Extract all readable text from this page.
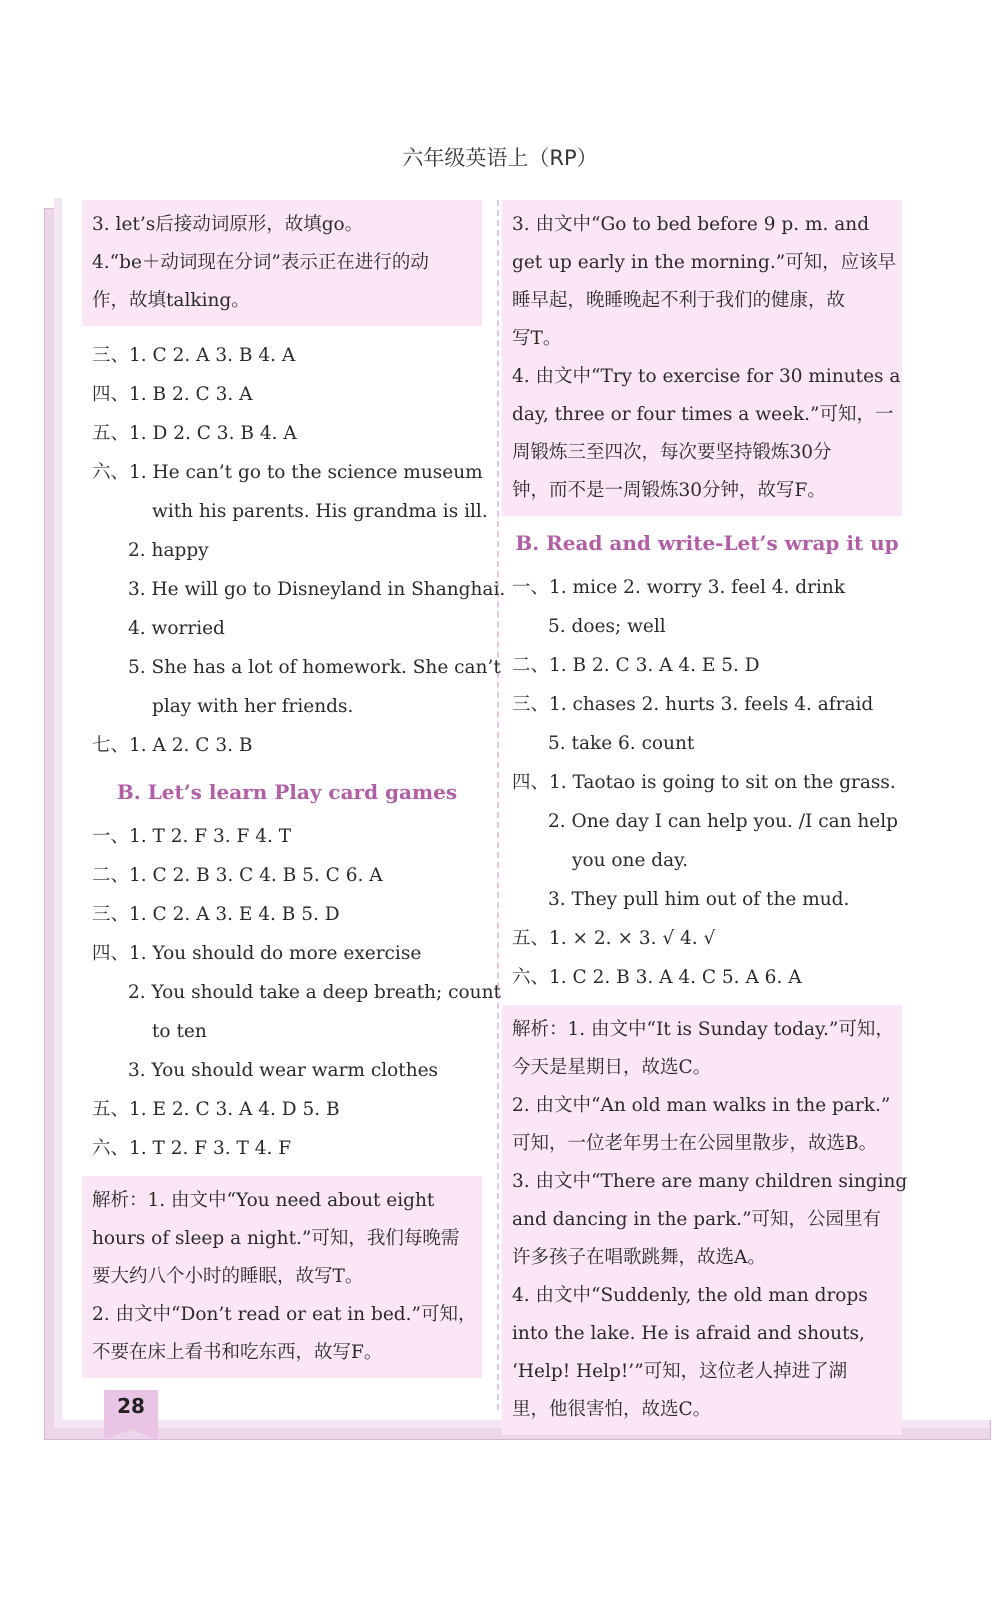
六年级英语上（RP）
3. let’s后接动词原形，故填go。
4.“be＋动词现在分词”表示正在进行的动
作，故填talking。
三、1. C 2. A 3. B 4. A
四、1. B 2. C 3. A
五、1. D 2. C 3. B 4. A
六、1. He can’t go to the science museum
with his parents. His grandma is ill.
2. happy
3. He will go to Disneyland in Shanghai.
4. worried
5. She has a lot of homework. She can’t
play with her friends.
七、1. A 2. C 3. B
B. Let’s learn Play card games
一、1. T 2. F 3. F 4. T
二、1. C 2. B 3. C 4. B 5. C 6. A
三、1. C 2. A 3. E 4. B 5. D
四、1. You should do more exercise
2. You should take a deep breath; count
to ten
3. You should wear warm clothes
五、1. E 2. C 3. A 4. D 5. B
六、1. T 2. F 3. T 4. F
解析：1. 由文中“You need about eight
hours of sleep a night.”可知，我们每晚需
要大约八个小时的睡眠，故写T。
2. 由文中“Don’t read or eat in bed.”可知，
不要在床上看书和吃东西，故写F。
3. 由文中“Go to bed before 9 p. m. and
get up early in the morning.”可知，应该早
睡早起，晚睡晚起不利于我们的健康，故
写T。
4. 由文中“Try to exercise for 30 minutes a
day, three or four times a week.”可知，一
周锻炼三至四次，每次要坚持锻炼30分
钟，而不是一周锻炼30分钟，故写F。
B. Read and write-Let’s wrap it up
一、1. mice 2. worry 3. feel 4. drink
5. does; well
二、1. B 2. C 3. A 4. E 5. D
三、1. chases 2. hurts 3. feels 4. afraid
5. take 6. count
四、1. Taotao is going to sit on the grass.
2. One day I can help you. /I can help
you one day.
3. They pull him out of the mud.
五、1. × 2. × 3. √ 4. √
六、1. C 2. B 3. A 4. C 5. A 6. A
解析：1. 由文中“It is Sunday today.”可知，
今天是星期日，故选C。
2. 由文中“An old man walks in the park.”
可知，一位老年男士在公园里散步，故选B。
3. 由文中“There are many children singing
and dancing in the park.”可知，公园里有
许多孩子在唱歌跳舞，故选A。
4. 由文中“Suddenly, the old man drops
into the lake. He is afraid and shouts,
‘Help! Help!’”可知，这位老人掉进了湖
里，他很害怕，故选C。
28
